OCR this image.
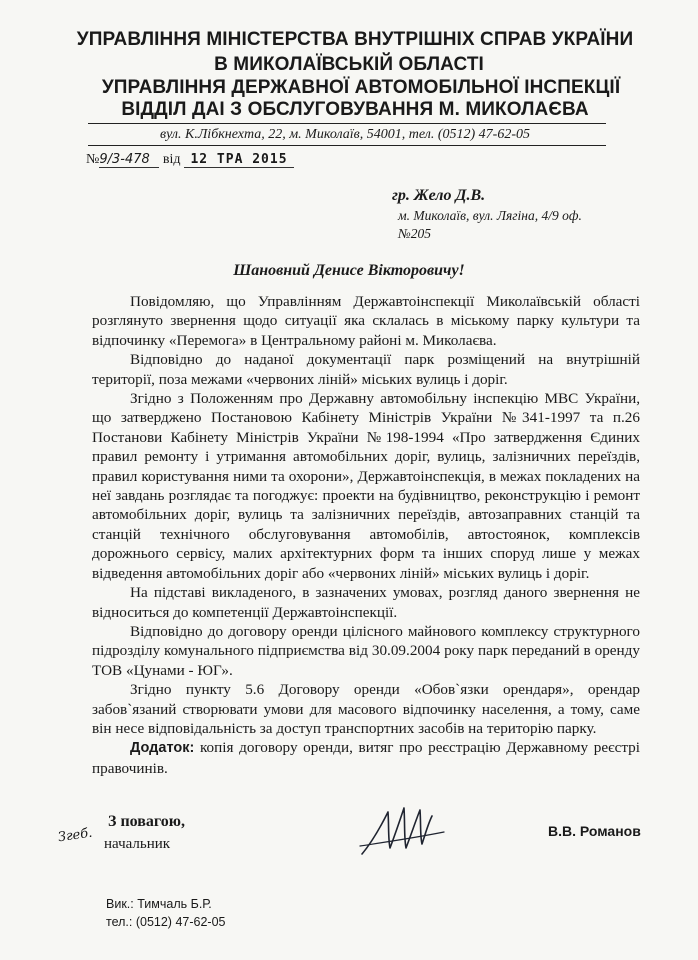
УПРАВЛІННЯ МІНІСТЕРСТВА ВНУТРІШНІХ СПРАВ УКРАЇНИ
В МИКОЛАЇВСЬКІЙ ОБЛАСТІ
УПРАВЛІННЯ ДЕРЖАВНОЇ АВТОМОБІЛЬНОЇ ІНСПЕКЦІЇ
ВІДДІЛ ДАІ З ОБСЛУГОВУВАННЯ М. МИКОЛАЄВА
вул. К.Лібкнехта, 22, м. Миколаїв, 54001, тел. (0512) 47-62-05
№9/3-478 від 12 ТРА 2015
гр. Жело Д.В.
м. Миколаїв, вул. Лягіна, 4/9 оф.
№205
Шановний Денисе Вікторовичу!

Повідомляю, що Управлінням Державтоінспекції Миколаївській області розглянуто звернення щодо ситуації яка склалась в міському парку культури та відпочинку «Перемога» в Центральному районі м. Миколаєва.

Відповідно до наданої документації парк розміщений на внутрішній території, поза межами «червоних ліній» міських вулиць і доріг.

Згідно з Положенням про Державну автомобільну інспекцію МВС України, що затверджено Постановою Кабінету Міністрів України №341-1997 та п.26 Постанови Кабінету Міністрів України №198-1994 «Про затвердження Єдиних правил ремонту і утримання автомобільних доріг, вулиць, залізничних переїздів, правил користування ними та охорони», Державтоінспекція, в межах покладених на неї завдань розглядає та погоджує: проекти на будівництво, реконструкцію і ремонт автомобільних доріг, вулиць та залізничних переїздів, автозаправних станцій та станцій технічного обслуговування автомобілів, автостоянок, комплексів дорожнього сервісу, малих архітектурних форм та інших споруд лише у межах відведення автомобільних доріг або «червоних ліній» міських вулиць і доріг.

На підставі викладеного, в зазначених умовах, розгляд даного звернення не відноситься до компетенції Державтоінспекції.

Відповідно до договору оренди цілісного майнового комплексу структурного підрозділу комунального підприємства від 30.09.2004 року парк переданий в оренду ТОВ «Цунами - ЮГ».

Згідно пункту 5.6 Договору оренди «Обов`язки орендаря», орендар забов`язаний створювати умови для масового відпочинку населення, а тому, саме він несе відповідальність за доступ транспортних засобів на територію парку.

Додаток: копія договору оренди, витяг про реєстрацію Державному реєстрі правочинів.

З повагою,
Згеб. начальник
В.В. Романов
Вик.: Тимчаль Б.Р.
тел.: (0512) 47-62-05
